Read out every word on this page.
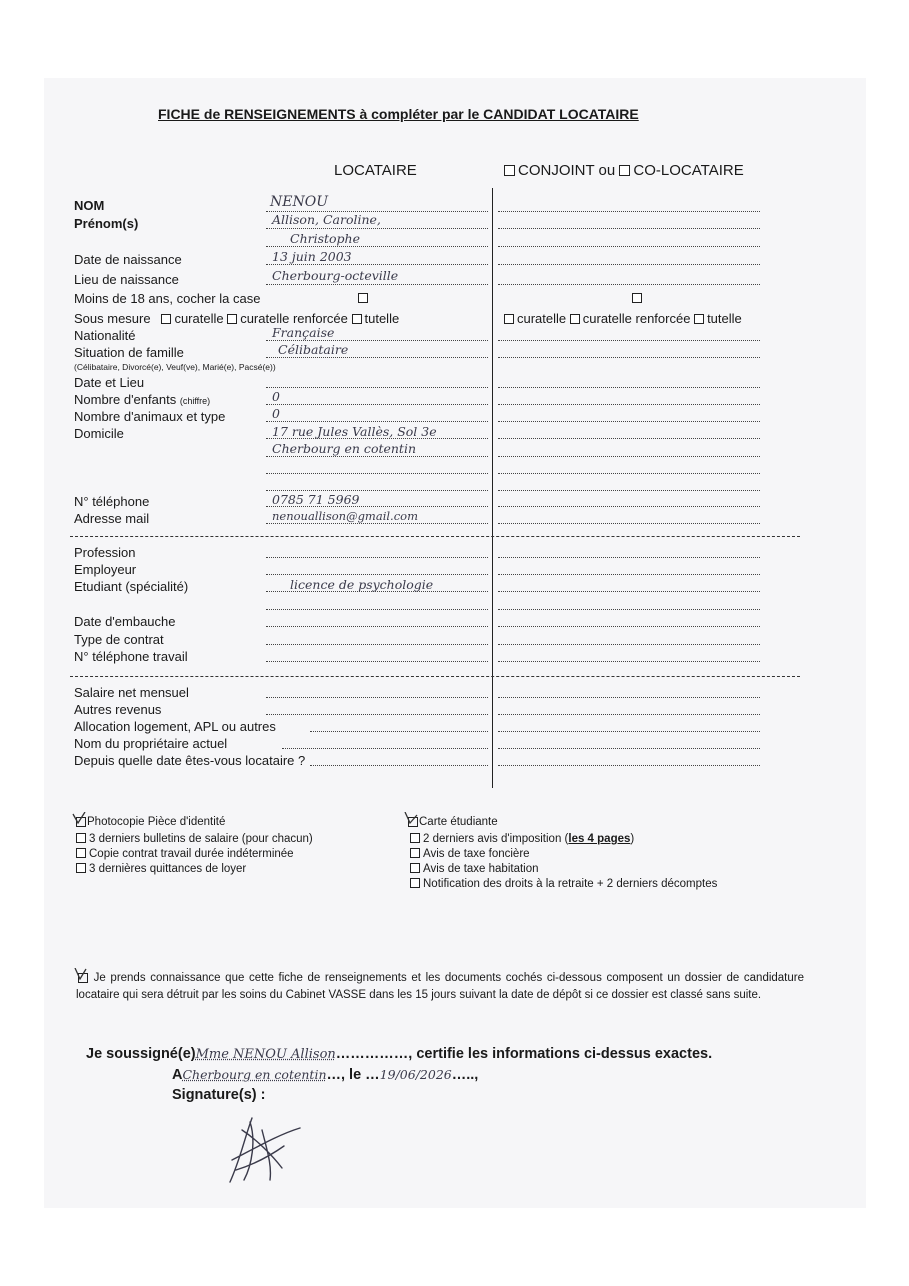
FICHE de RENSEIGNEMENTS à compléter par le CANDIDAT LOCATAIRE
LOCATAIRE	CONJOINT ou CO-LOCATAIRE
NOM
Prénom(s)
Date de naissance
Lieu de naissance
Moins de 18 ans, cocher la case
Sous mesure curatelle curatelle renforcée tutelle	curatelle curatelle renforcée tutelle
Nationalité
Situation de famille
(Célibataire, Divorcé(e), Veuf(ve), Marié(e), Pacsé(e))
Date et Lieu
Nombre d'enfants (chiffre)
Nombre d'animaux et type
Domicile
N° téléphone
Adresse mail
Profession
Employeur
Etudiant (spécialité)
Date d'embauche
Type de contrat
N° téléphone travail
Salaire net mensuel
Autres revenus
Allocation logement, APL ou autres
Nom du propriétaire actuel
Depuis quelle date êtes-vous locataire ?
NENOU
Allison, Caroline,
Christophe
13 juin 2003
Cherbourg-octeville
Française
Célibataire
0
0
17 rue Jules Vallès, Sol 3e
Cherbourg en cotentin
0785 71 5969
nenouallison@gmail.com
licence de psychologie
Photocopie Pièce d'identité
3 derniers bulletins de salaire (pour chacun)
Copie contrat travail durée indéterminée
3 dernières quittances de loyer
Carte étudiante
2 derniers avis d'imposition (les 4 pages)
Avis de taxe foncière
Avis de taxe habitation
Notification des droits à la retraite + 2 derniers décomptes
Je prends connaissance que cette fiche de renseignements et les documents cochés ci-dessous composent un dossier de candidature locataire qui sera détruit par les soins du Cabinet VASSE dans les 15 jours suivant la date de dépôt si ce dossier est classé sans suite.
Je soussigné(e)Mme NENOU Allison……………, certifie les informations ci-dessus exactes.
ACherbourg en cotentin…, le …19/06/2026…..,
Signature(s) :
